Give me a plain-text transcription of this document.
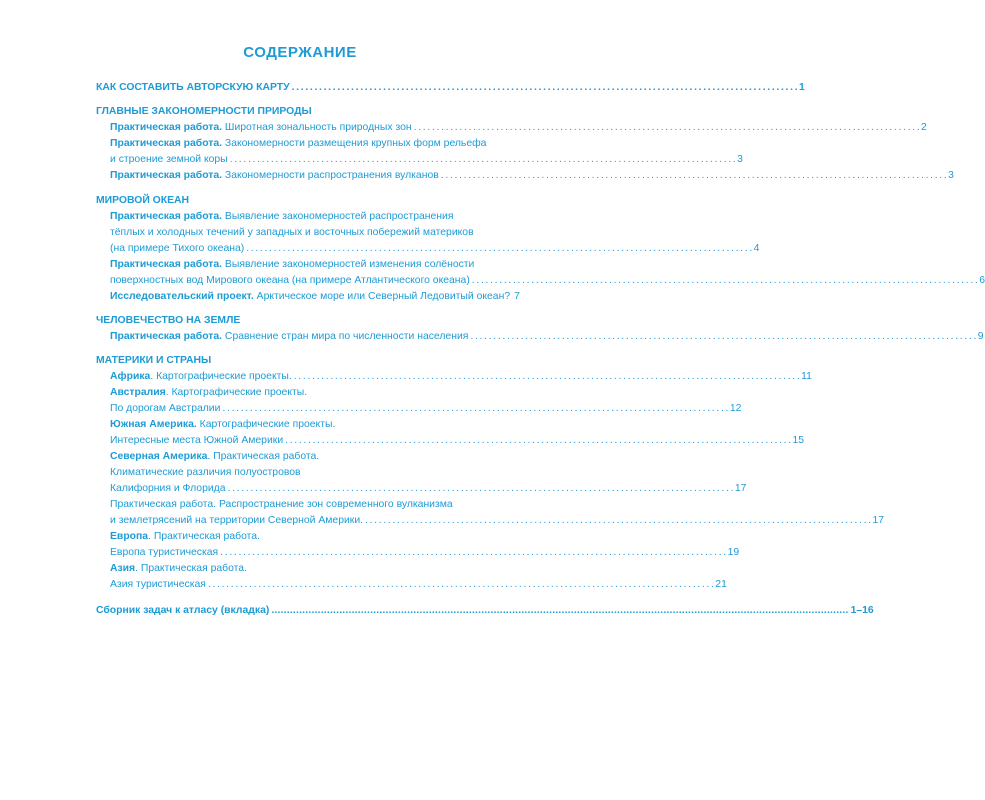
СОДЕРЖАНИЕ
КАК СОСТАВИТЬ АВТОРСКУЮ КАРТУ . . .	1
ГЛАВНЫЕ ЗАКОНОМЕРНОСТИ ПРИРОДЫ
Практическая работа. Широтная зональность природных зон . . .	2
Практическая работа. Закономерности размещения крупных форм рельефа
и строение земной коры . . .	3
Практическая работа. Закономерности распространения вулканов . . .	3
МИРОВОЙ ОКЕАН
Практическая работа. Выявление закономерностей распространения
тёплых и холодных течений у западных и восточных побережий материков
(на примере Тихого океана) . . .	4
Практическая работа. Выявление закономерностей изменения солёности
поверхностных вод Мирового океана (на примере Атлантического океана) . . .	6
Исследовательский проект. Арктическое море или Северный Ледовитый океан? 7
ЧЕЛОВЕЧЕСТВО НА ЗЕМЛЕ
Практическая работа. Сравнение стран мира по численности населения . . .	9
МАТЕРИКИ И СТРАНЫ
Африка. Картографические проекты. . . .	11
Австралия. Картографические проекты.
По дорогам Австралии . . .	12
Южная Америка. Картографические проекты.
Интересные места Южной Америки . . .	15
Северная Америка. Практическая работа.
Климатические различия полуостровов
Калифорния и Флорида . . .	17
Практическая работа. Распространение зон современного вулканизма
и землетрясений на территории Северной Америки. . . .	17
Европа. Практическая работа.
Европа туристическая . . .	19
Азия. Практическая работа.
Азия туристическая . . .	21
Сборник задач к атласу (вкладка) .....	1–16
